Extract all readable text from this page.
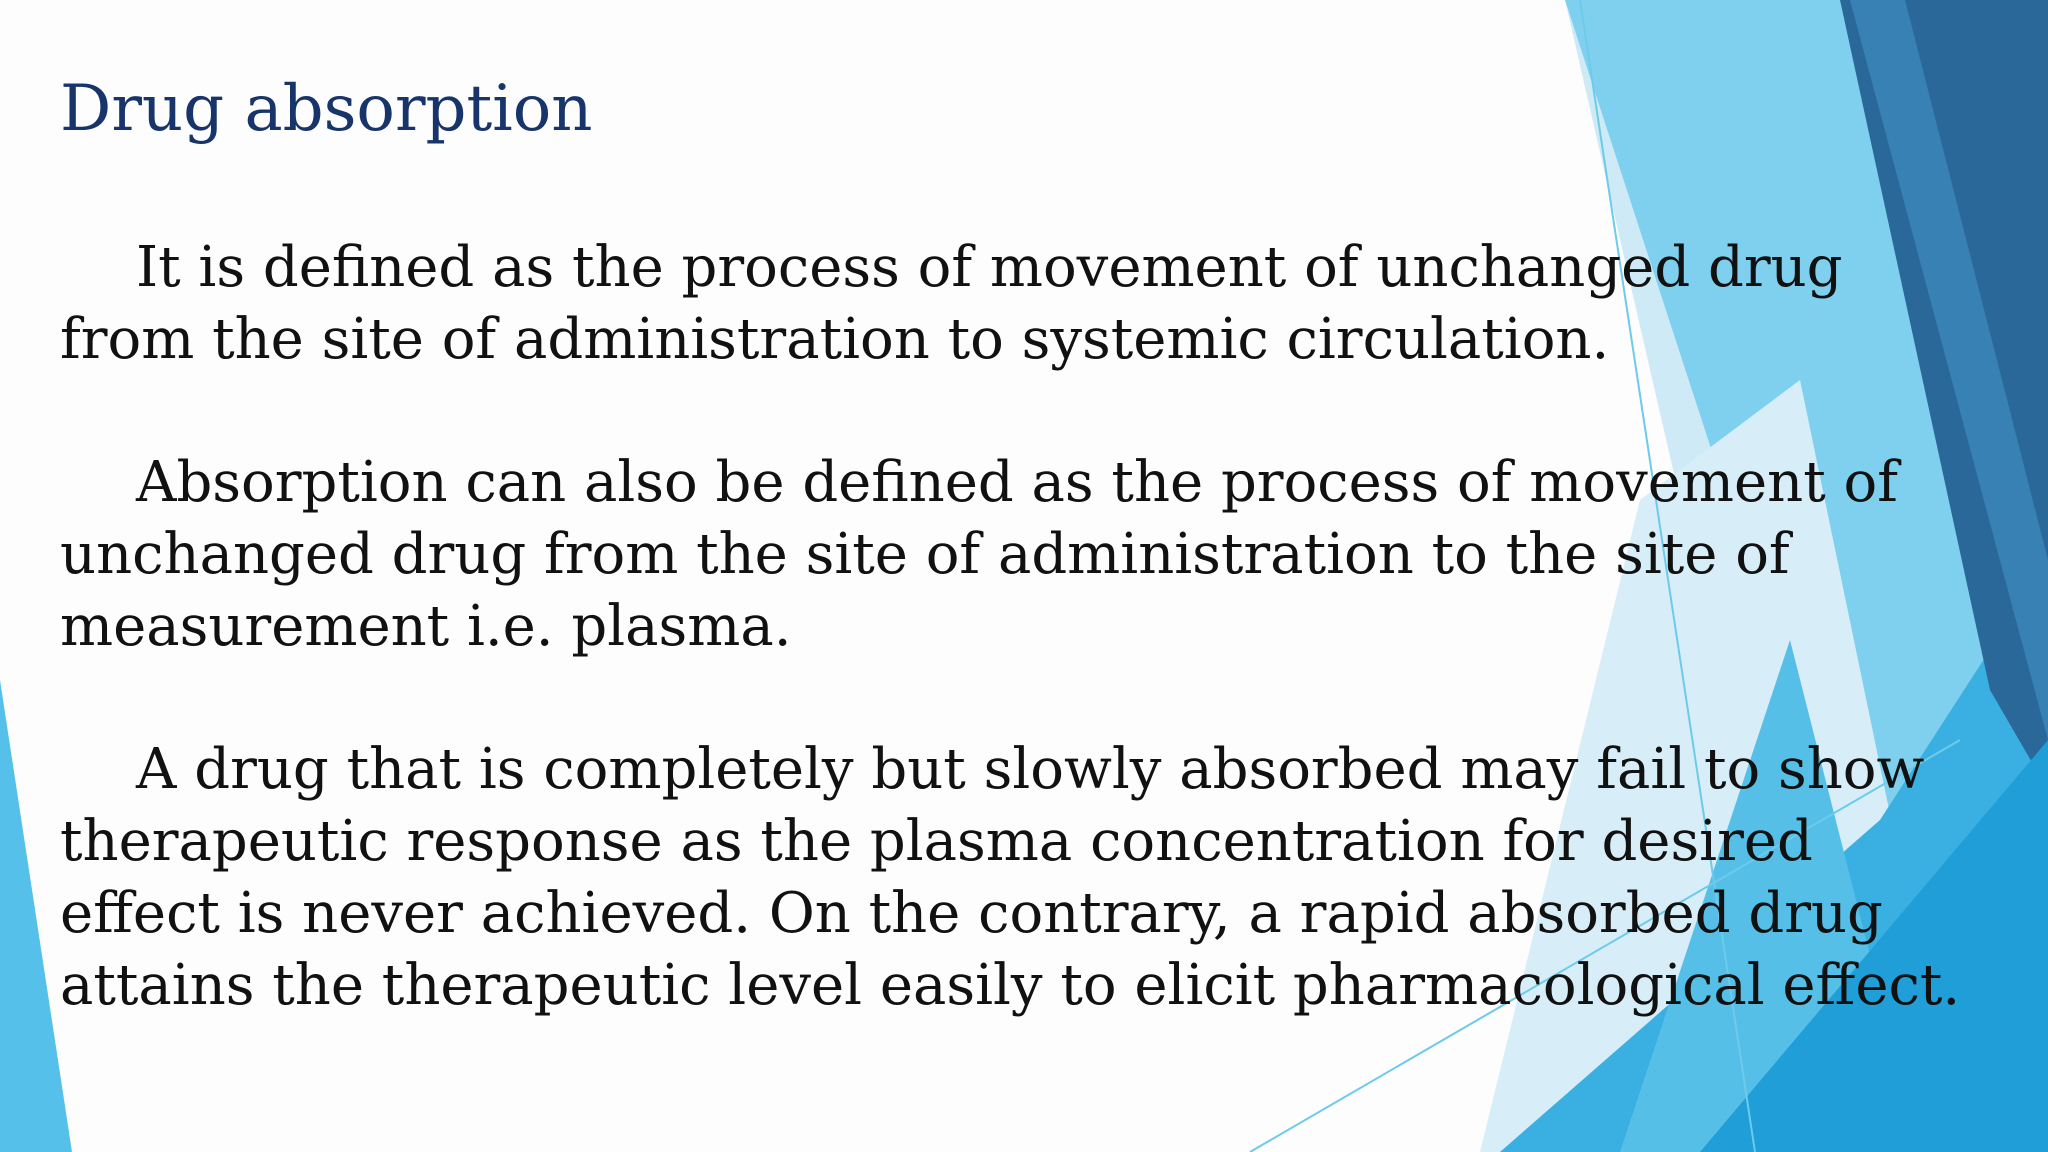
Drug absorption

It is defined as the process of movement of unchanged drug
from the site of administration to systemic circulation.

Absorption can also be defined as the process of movement of
unchanged drug from the site of administration to the site of
measurement i.e. plasma.

A drug that is completely but slowly absorbed may fail to show
therapeutic response as the plasma concentration for desired
effect is never achieved. On the contrary, a rapid absorbed drug
attains the therapeutic level easily to elicit pharmacological effect.
